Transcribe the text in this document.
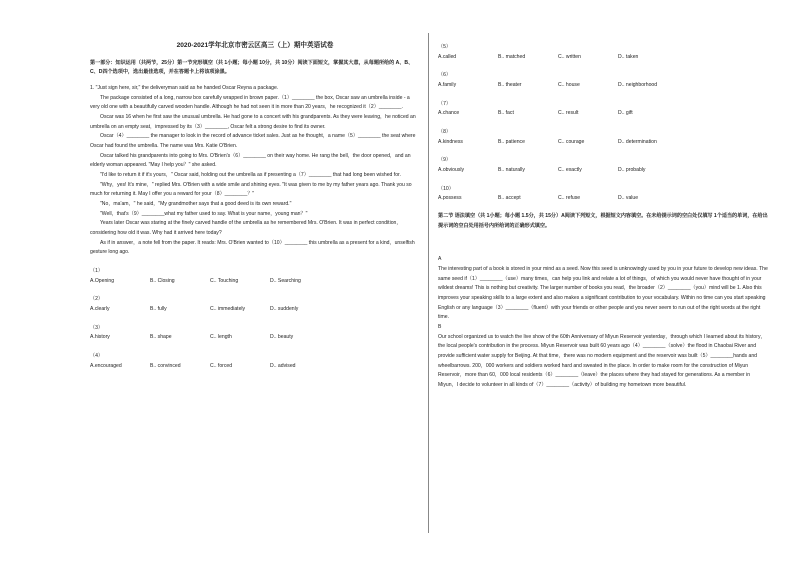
2020-2021学年北京市密云区高三（上）期中英语试卷
第一部分：知识运用（共两节，25分）第一节完形填空（共 1小题；每小题 10分，共 10分）阅读下面短文，掌握其大意，从每题所给的 A、B、C、D四个选项中，选出最佳选项，并在答题卡上将该项涂黑。

1. "Just sign here, sir," the deliveryman said as he handed Oscar Reyna a package.

The package consisted of a long, narrow box carefully wrapped in brown paper.（1）________ the box, Oscar saw an umbrella inside - a very old one with a beautifully carved wooden handle. Although he had not seen it in more than 20 years，he recognized it（2）________.

Oscar was 16 when he first saw the unusual umbrella. He had gone to a concert with his grandparents. As they were leaving，he noticed an umbrella on an empty seat，impressed by its（3）________, Oscar felt a strong desire to find its owner.

Oscar（4）________ the manager to look in the record of advance ticket sales. Just as he thought，a name（5）________ the seat where Oscar had found the umbrella. The name was Mrs. Katie O'Brien.

Oscar talked his grandparents into going to Mrs. O'Brien's（6）________ on their way home. He rang the bell，the door opened，and an elderly woman appeared. "May I help you？" she asked.

"I'd like to return it if it's yours，" Oscar said, holding out the umbrella as if presenting a（7）________ that had long been wished for.

"Why，yes! It's mine，" replied Mrs. O'Brien with a wide smile and shining eyes. "It was given to me by my father years ago. Thank you so much for returning it. May I offer you a reward for your（8）________？"

"No，ma'am，" he said，"My grandmother says that a good deed is its own reward."

"Well，that's（9）________what my father used to say. What is your name，young man？"

Years later Oscar was staring at the finely carved handle of the umbrella as he remembered Mrs. O'Brien. It was in perfect condition，considering how old it was. Why had it arrived here today?

As if in answer，a note fell from the paper. It reads: Mrs. O'Brien wanted to（10）________ this umbrella as a present for a kind，unselfish gesture long ago.

（1）
A.Opening	B.. Closing	C.. Touching	D.. Searching
（2）
A.clearly	B.. fully	C.. immediately	D.. suddenly
（3）
A.history	B.. shape	C.. length	D.. beauty
（4）
A.encouraged	B.. convinced	C.. forced	D.. advised
（5）
A.called	B.. matched	C.. written	D.. taken
（6）
A.family	B.. theater	C.. house	D.. neighborhood
（7）
A.chance	B.. fact	C.. result	D.. gift
（8）
A.kindness	B.. patience	C.. courage	D.. determination
（9）
A.obviously	B.. naturally	C.. exactly	D.. probably
（10）
A.possess	B.. accept	C.. refuse	D.. value
第二节 语法填空（共 1小题；每小题 1.5分，共 15分）A阅读下列短文，根据短文内容填空。在未给提示词的空白处仅填写 1个适当的单词，在给出提示词的空白处用括号内所给词的正确形式填空。

A

The interesting part of a book is stored in your mind as a seed. Now this seed is unknowingly used by you in your future to develop new ideas. The same seed if（1）________（use）many times，can help you link and relate a lot of things，of which you would never have thought of in your wildest dreams! This is nothing but creativity. The larger number of books you read，the broader（2）________（you）mind will be 1. Also this improves your speaking skills to a large extent and also makes a significant contribution to your vocabulary. Within no time can you start speaking English or any language（3）________（fluent）with your friends or other people and you never seem to run out of the right words at the right time.

B

Our school organized us to watch the live show of the 60th Anniversary of Miyun Reservoir yesterday，through which I learned about its history，the local people's contribution in the process. Miyun Reservoir was built 60 years ago（4）________（solve）the flood in Chaobai River and provide sufficient water supply for Beijing. At that time，there was no modern equipment and the reservoir was built（5）________hands and wheelbarrows. 200，000 workers and soldiers worked hard and sweated in the place. In order to make room for the construction of Miyun Reservoir，more than 60，000 local residents（6）________（leave）the places where they had stayed for generations. As a member in Miyun，I decide to volunteer in all kinds of（7）________（activity）of building my hometown more beautiful.
